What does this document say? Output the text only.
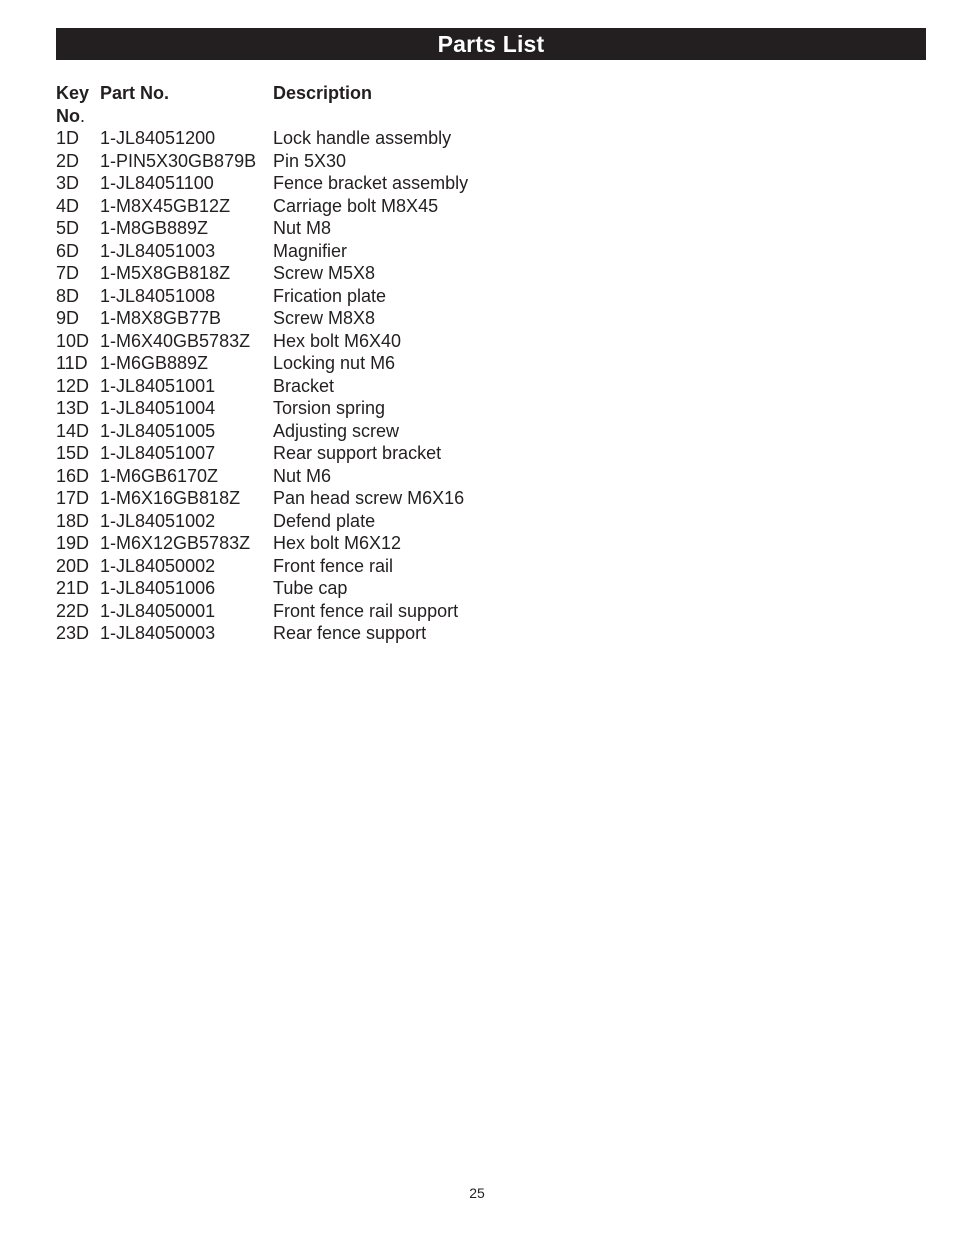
Parts List
Key
No.	Part No.	Description
1D	1-JL84051200	Lock handle assembly
2D	1-PIN5X30GB879B	Pin 5X30
3D	1-JL84051100	Fence bracket assembly
4D	1-M8X45GB12Z	Carriage bolt M8X45
5D	1-M8GB889Z	Nut M8
6D	1-JL84051003	Magnifier
7D	1-M5X8GB818Z	Screw M5X8
8D	1-JL84051008	Frication plate
9D	1-M8X8GB77B	Screw M8X8
10D	1-M6X40GB5783Z	Hex bolt M6X40
11D	1-M6GB889Z	Locking nut M6
12D	1-JL84051001	Bracket
13D	1-JL84051004	Torsion spring
14D	1-JL84051005	Adjusting screw
15D	1-JL84051007	Rear support bracket
16D	1-M6GB6170Z	Nut M6
17D	1-M6X16GB818Z	Pan head screw M6X16
18D	1-JL84051002	Defend plate
19D	1-M6X12GB5783Z	Hex bolt M6X12
20D	1-JL84050002	Front fence rail
21D	1-JL84051006	Tube cap
22D	1-JL84050001	Front fence rail support
23D	1-JL84050003	Rear fence support
25
